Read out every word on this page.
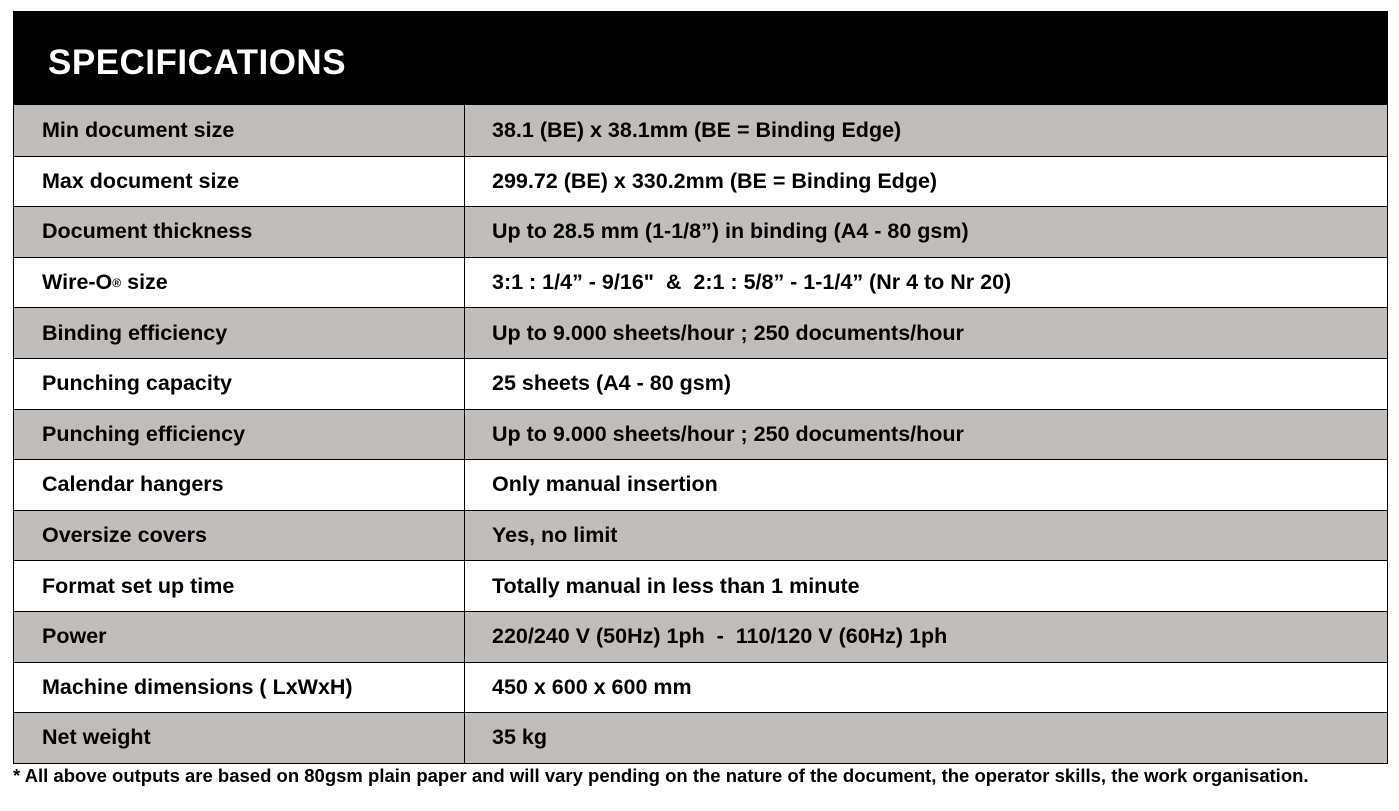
SPECIFICATIONS
Min document size	38.1 (BE) x 38.1mm (BE = Binding Edge)
Max document size	299.72 (BE) x 330.2mm (BE = Binding Edge)
Document thickness	Up to 28.5 mm (1-1/8”) in binding (A4 - 80 gsm)
Wire-O ® size	3:1 : 1/4” - 9/16"  &  2:1 : 5/8” - 1-1/4” (Nr 4 to Nr 20)
Binding efficiency	Up to 9.000 sheets/hour ; 250 documents/hour
Punching capacity	25 sheets (A4 - 80 gsm)
Punching efficiency	Up to 9.000 sheets/hour ; 250 documents/hour
Calendar hangers	Only manual insertion
Oversize covers	Yes, no limit
Format set up time	Totally manual in less than 1 minute
Power	220/240 V (50Hz) 1ph  -  110/120 V (60Hz) 1ph
Machine dimensions ( LxWxH)	450 x 600 x 600 mm
Net weight	35 kg
* All above outputs are based on 80gsm plain paper and will vary pending on the nature of the document, the operator skills, the work organisation.
